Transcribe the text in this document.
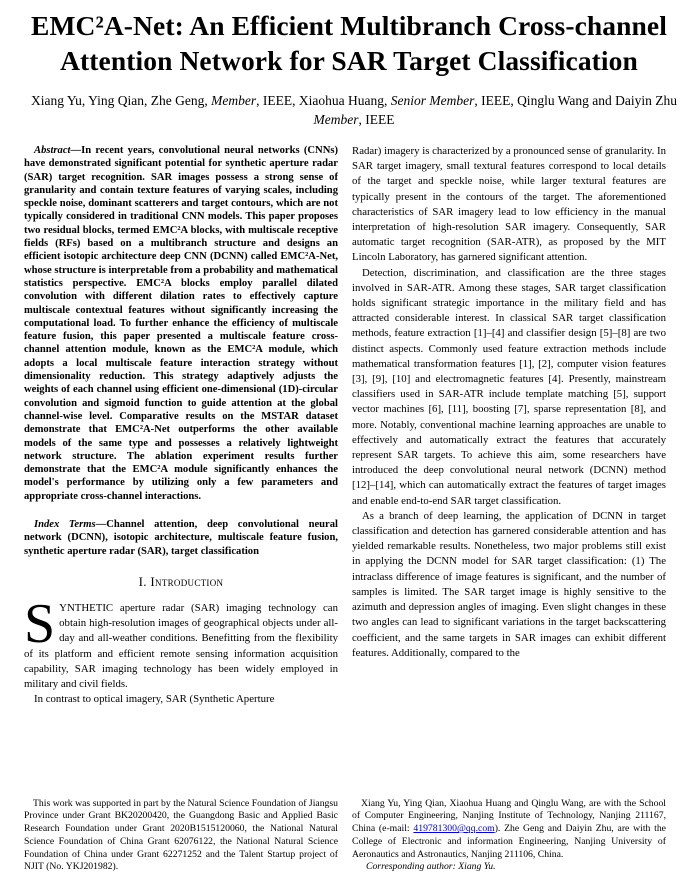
EMC²A-Net: An Efficient Multibranch Cross-channel Attention Network for SAR Target Classification
Xiang Yu, Ying Qian, Zhe Geng, Member, IEEE, Xiaohua Huang, Senior Member, IEEE, Qinglu Wang and Daiyin Zhu Member, IEEE

Abstract—In recent years, convolutional neural networks (CNNs) have demonstrated significant potential for synthetic aperture radar (SAR) target recognition. SAR images possess a strong sense of granularity and contain texture features of varying scales, including speckle noise, dominant scatterers and target contours, which are not typically considered in traditional CNN models. This paper proposes two residual blocks, termed EMC²A blocks, with multiscale receptive fields (RFs) based on a multibranch structure and designs an efficient isotopic architecture deep CNN (DCNN) called EMC²A-Net, whose structure is interpretable from a probability and mathematical statistics perspective. EMC²A blocks employ parallel dilated convolution with different dilation rates to effectively capture multiscale contextual features without significantly increasing the computational load. To further enhance the efficiency of multiscale feature fusion, this paper presented a multiscale feature cross-channel attention module, known as the EMC²A module, which adopts a local multiscale feature interaction strategy without dimensionality reduction. This strategy adaptively adjusts the weights of each channel using efficient one-dimensional (1D)-circular convolution and sigmoid function to guide attention at the global channel-wise level. Comparative results on the MSTAR dataset demonstrate that EMC²A-Net outperforms the other available models of the same type and possesses a relatively lightweight network structure. The ablation experiment results further demonstrate that the EMC²A module significantly enhances the model's performance by utilizing only a few parameters and appropriate cross-channel interactions.

Index Terms—Channel attention, deep convolutional neural network (DCNN), isotopic architecture, multiscale feature fusion, synthetic aperture radar (SAR), target classification

I. Introduction

SYNTHETIC aperture radar (SAR) imaging technology can obtain high-resolution images of geographical objects under all-day and all-weather conditions. Benefitting from the flexibility of its platform and efficient remote sensing information acquisition capability, SAR imaging technology has been widely employed in military and civil fields.

In contrast to optical imagery, SAR (Synthetic Aperture

This work was supported in part by the Natural Science Foundation of Jiangsu Province under Grant BK20200420, the Guangdong Basic and Applied Basic Research Foundation under Grant 2020B1515120060, the National Natural Science Foundation of China Grant 62076122, the National Natural Science Foundation of China under Grant 62271252 and the Talent Startup project of NJIT (No. YKJ201982).

Radar) imagery is characterized by a pronounced sense of granularity. In SAR target imagery, small textural features correspond to local details of the target and speckle noise, while larger textural features are typically present in the contours of the target. The aforementioned characteristics of SAR imagery lead to low efficiency in the manual interpretation of high-resolution SAR imagery. Consequently, SAR automatic target recognition (SAR-ATR), as proposed by the MIT Lincoln Laboratory, has garnered significant attention.

Detection, discrimination, and classification are the three stages involved in SAR-ATR. Among these stages, SAR target classification holds significant strategic importance in the military field and has attracted considerable interest. In classical SAR target classification methods, feature extraction [1]–[4] and classifier design [5]–[8] are two distinct aspects. Commonly used feature extraction methods include mathematical transformation features [1], [2], computer vision features [3], [9], [10] and electromagnetic features [4]. Presently, mainstream classifiers used in SAR-ATR include template matching [5], support vector machines [6], [11], boosting [7], sparse representation [8], and more. Notably, conventional machine learning approaches are unable to effectively and automatically extract the features that accurately represent SAR targets. To achieve this aim, some researchers have introduced the deep convolutional neural network (DCNN) method [12]–[14], which can automatically extract the features of target images and enable end-to-end SAR target classification.

As a branch of deep learning, the application of DCNN in target classification and detection has garnered considerable attention and has yielded remarkable results. Nonetheless, two major problems still exist in applying the DCNN model for SAR target classification: (1) The intraclass difference of image features is significant, and the number of samples is limited. The SAR target image is highly sensitive to the azimuth and depression angles of imaging. Even slight changes in these two angles can lead to significant variations in the target backscattering coefficient, and the same targets in SAR images can exhibit different features. Additionally, compared to the

Xiang Yu, Ying Qian, Xiaohua Huang and Qinglu Wang, are with the School of Computer Engineering, Nanjing Institute of Technology, Nanjing 211167, China (e-mail: 419781300@qq.com). Zhe Geng and Daiyin Zhu, are with the College of Electronic and information Engineering, Nanjing University of Aeronautics and Astronautics, Nanjing 211106, China.

Corresponding author: Xiang Yu.
